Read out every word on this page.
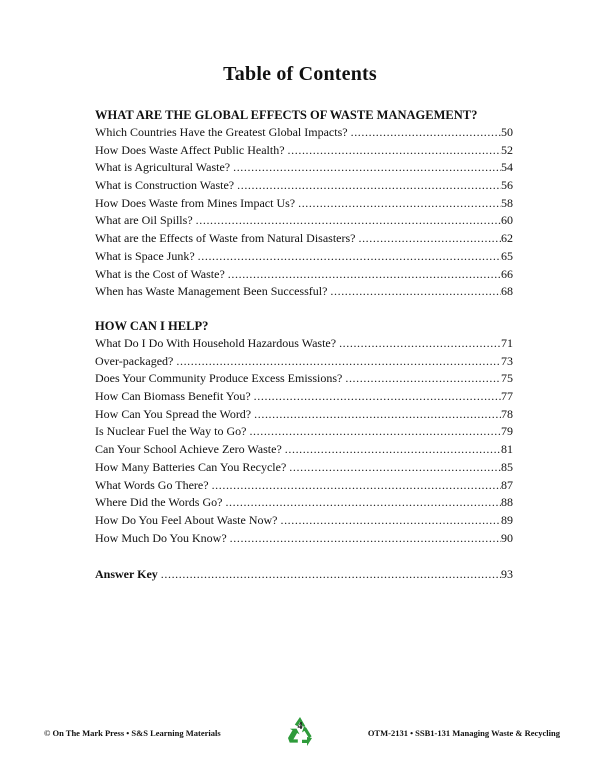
Table of Contents
WHAT ARE THE GLOBAL EFFECTS OF WASTE MANAGEMENT?
Which Countries Have the Greatest Global Impacts? .....	50
How Does Waste Affect Public Health? .....	52
What is Agricultural Waste? .....	54
What is Construction Waste? .....	56
How Does Waste from Mines Impact Us? .....	58
What are Oil Spills? .....	60
What are the Effects of Waste from Natural Disasters? .....	62
What is Space Junk? .....	65
What is the Cost of Waste? .....	66
When has Waste Management Been Successful? .....	68
HOW CAN I HELP?
What Do I Do With Household Hazardous Waste? .....	71
Over-packaged? .....	73
Does Your Community Produce Excess Emissions? .....	75
How Can Biomass Benefit You? .....	77
How Can You Spread the Word? .....	78
Is Nuclear Fuel the Way to Go? .....	79
Can Your School Achieve Zero Waste? .....	81
How Many Batteries Can You Recycle? .....	85
What Words Go There? .....	87
Where Did the Words Go? .....	88
How Do You Feel About Waste Now? .....	89
How Much Do You Know? .....	90
Answer Key .....	93
© On The Mark Press • S&S Learning Materials
4
OTM-2131 • SSB1-131 Managing Waste & Recycling
